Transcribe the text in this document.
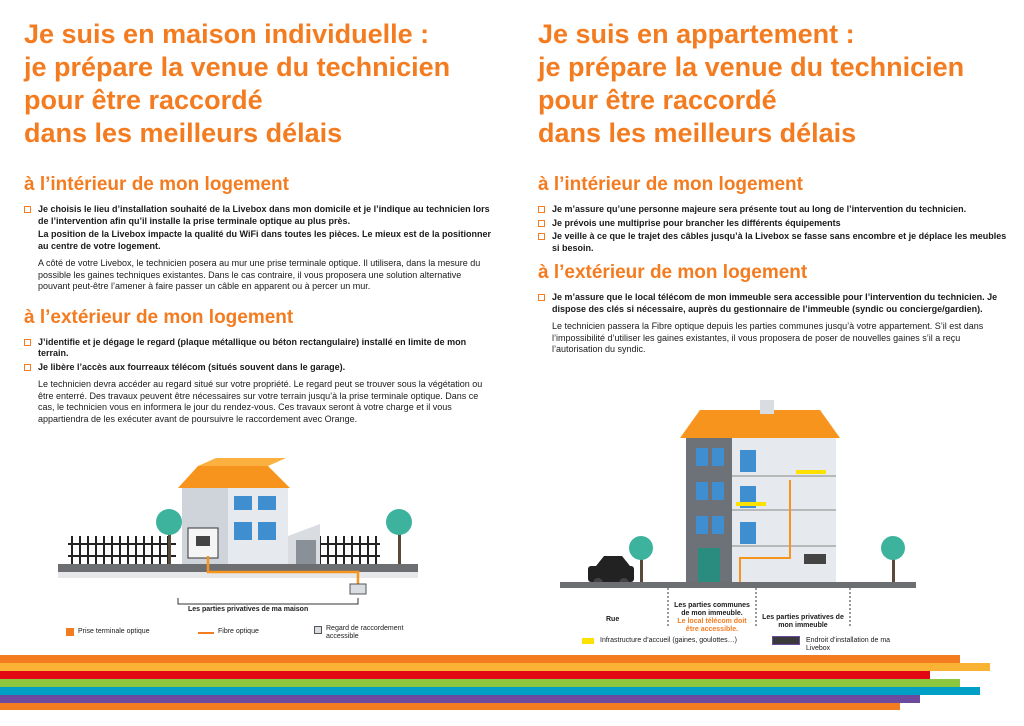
Je suis en maison individuelle :
je prépare la venue du technicien
pour être raccordé
dans les meilleurs délais
à l’intérieur de mon logement
Je choisis le lieu d’installation souhaité de la Livebox dans mon domicile et je l’indique au technicien lors de l’intervention afin qu’il installe la prise terminale optique au plus près.

La position de la Livebox impacte la qualité du WiFi dans toutes les pièces. Le mieux est de la positionner au centre de votre logement.

A côté de votre Livebox, le technicien posera au mur une prise terminale optique. Il utilisera, dans la mesure du possible les gaines techniques existantes. Dans le cas contraire, il vous proposera une solution alternative pouvant peut-être l’amener à faire passer un câble en apparent ou à percer un mur.

à l’extérieur de mon logement
J’identifie et je dégage le regard (plaque métallique ou béton rectangulaire) installé en limite de mon terrain.
Je libère l’accès aux fourreaux télécom (situés souvent dans le garage).

Le technicien devra accéder au regard situé sur votre propriété. Le regard peut se trouver sous la végétation ou être enterré. Des travaux peuvent être nécessaires sur votre terrain jusqu’à la prise terminale optique. Dans ce cas, le technicien vous en informera le jour du rendez-vous. Ces travaux seront à votre charge et il vous appartiendra de les exécuter avant de poursuivre le raccordement avec Orange.

Les parties privatives de ma maison
Prise terminale optique	Fibre optique	Regard de raccordement accessible
Je suis en appartement :
je prépare la venue du technicien
pour être raccordé
dans les meilleurs délais
à l’intérieur de mon logement
Je m’assure qu’une personne majeure sera présente tout au long de l’intervention du technicien.
Je prévois une multiprise pour brancher les différents équipements
Je veille à ce que le trajet des câbles jusqu’à la Livebox se fasse sans encombre et je déplace les meubles si besoin.
à l’extérieur de mon logement
Je m’assure que le local télécom de mon immeuble sera accessible pour l’intervention du technicien. Je dispose des clés si nécessaire, auprès du gestionnaire de l’immeuble (syndic ou concierge/gardien).

Le technicien passera la Fibre optique depuis les parties communes jusqu’à votre appartement. S’il est dans l’impossibilité d’utiliser les gaines existantes, il vous proposera de poser de nouvelles gaines s’il a reçu l’autorisation du syndic.

Rue
Les parties communes de mon immeuble.
Le local télécom doit être accessible.
Les parties privatives de mon immeuble
Infrastructure d’accueil (gaines, goulottes…)	Endroit d’installation de ma Livebox
